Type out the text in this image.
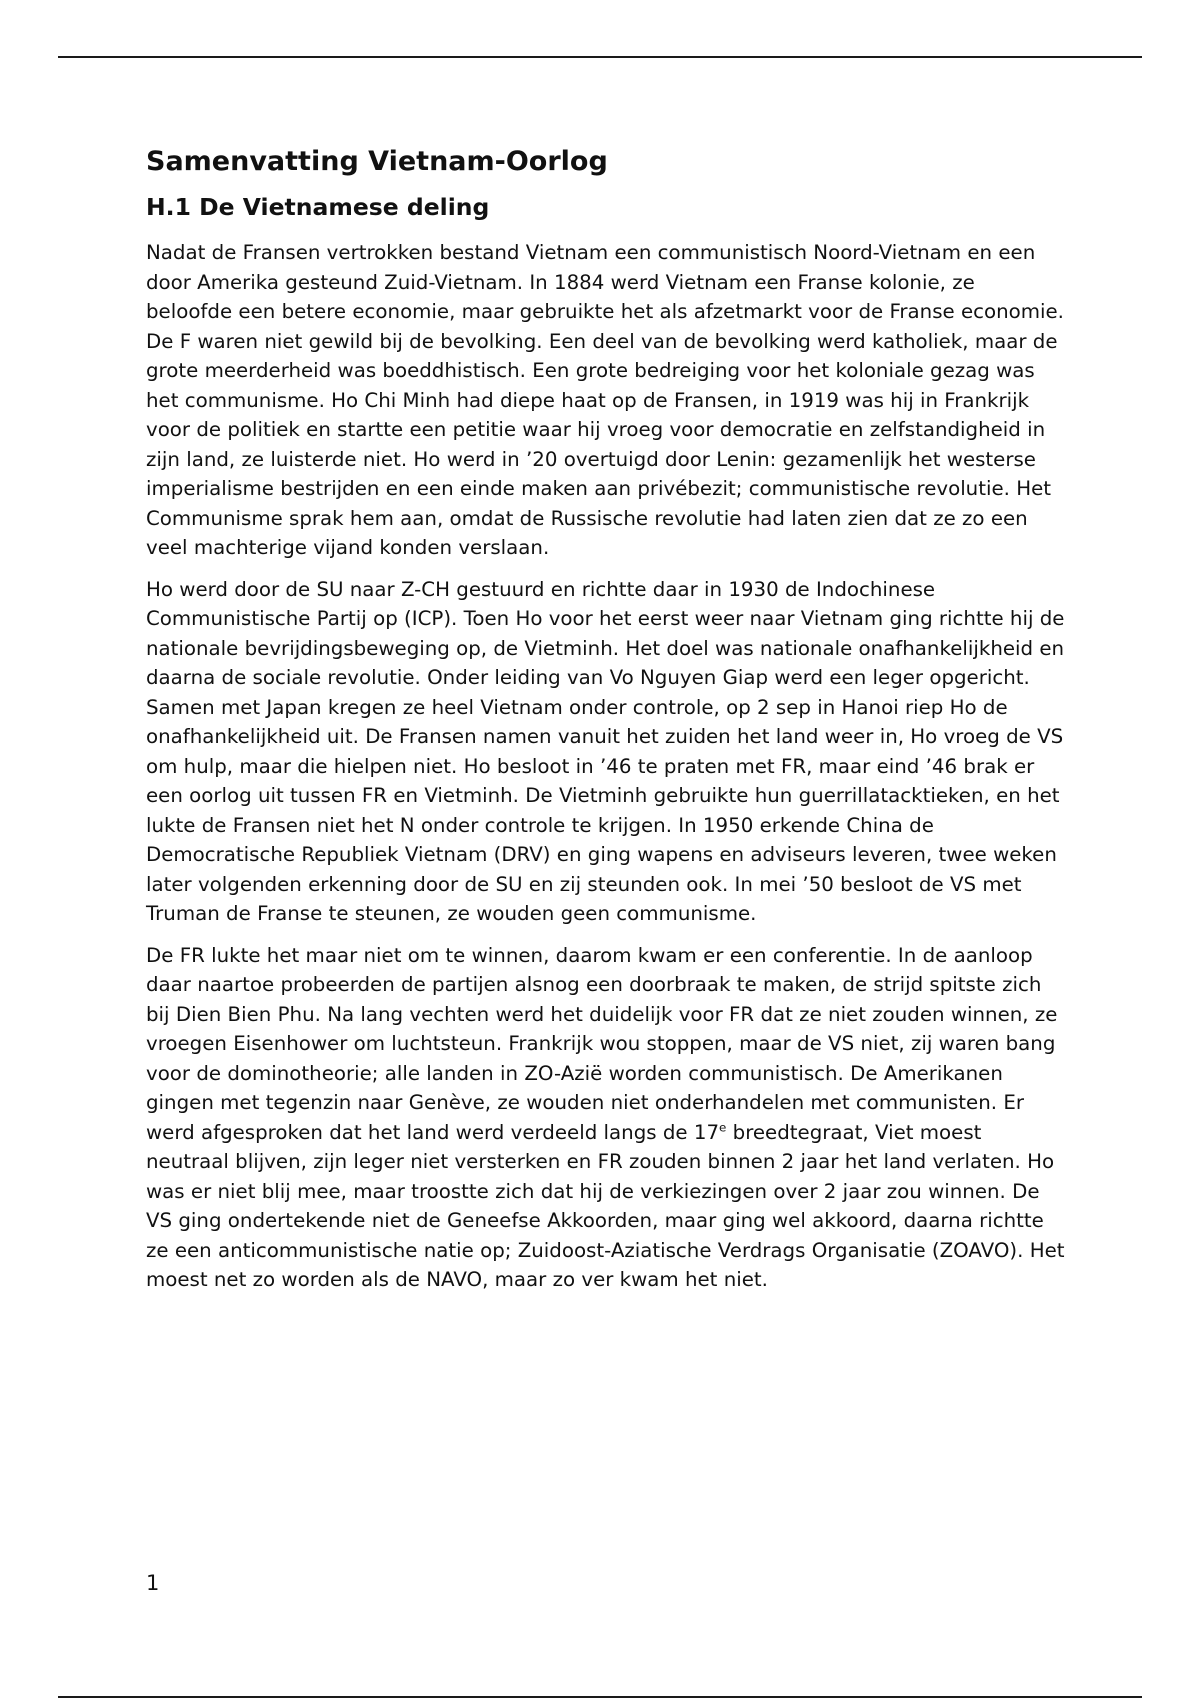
Samenvatting Vietnam-Oorlog
H.1 De Vietnamese deling

Nadat de Fransen vertrokken bestand Vietnam een communistisch Noord-Vietnam en een door Amerika gesteund Zuid-Vietnam. In 1884 werd Vietnam een Franse kolonie, ze beloofde een betere economie, maar gebruikte het als afzetmarkt voor de Franse economie. De F waren niet gewild bij de bevolking. Een deel van de bevolking werd katholiek, maar de grote meerderheid was boeddhistisch. Een grote bedreiging voor het koloniale gezag was het communisme. Ho Chi Minh had diepe haat op de Fransen, in 1919 was hij in Frankrijk voor de politiek en startte een petitie waar hij vroeg voor democratie en zelfstandigheid in zijn land, ze luisterde niet. Ho werd in ’20 overtuigd door Lenin: gezamenlijk het westerse imperialisme bestrijden en een einde maken aan privébezit; communistische revolutie. Het Communisme sprak hem aan, omdat de Russische revolutie had laten zien dat ze zo een veel machterige vijand konden verslaan.

Ho werd door de SU naar Z-CH gestuurd en richtte daar in 1930 de Indochinese Communistische Partij op (ICP). Toen Ho voor het eerst weer naar Vietnam ging richtte hij de nationale bevrijdingsbeweging op, de Vietminh. Het doel was nationale onafhankelijkheid en daarna de sociale revolutie. Onder leiding van Vo Nguyen Giap werd een leger opgericht. Samen met Japan kregen ze heel Vietnam onder controle, op 2 sep in Hanoi riep Ho de onafhankelijkheid uit. De Fransen namen vanuit het zuiden het land weer in, Ho vroeg de VS om hulp, maar die hielpen niet. Ho besloot in ’46 te praten met FR, maar eind ’46 brak er een oorlog uit tussen FR en Vietminh. De Vietminh gebruikte hun guerrillatacktieken, en het lukte de Fransen niet het N onder controle te krijgen. In 1950 erkende China de Democratische Republiek Vietnam (DRV) en ging wapens en adviseurs leveren, twee weken later volgenden erkenning door de SU en zij steunden ook. In mei ’50 besloot de VS met Truman de Franse te steunen, ze wouden geen communisme.

De FR lukte het maar niet om te winnen, daarom kwam er een conferentie. In de aanloop daar naartoe probeerden de partijen alsnog een doorbraak te maken, de strijd spitste zich bij Dien Bien Phu. Na lang vechten werd het duidelijk voor FR dat ze niet zouden winnen, ze vroegen Eisenhower om luchtsteun. Frankrijk wou stoppen, maar de VS niet, zij waren bang voor de dominotheorie; alle landen in ZO-Azië worden communistisch. De Amerikanen gingen met tegenzin naar Genève, ze wouden niet onderhandelen met communisten. Er werd afgesproken dat het land werd verdeeld langs de 17e breedtegraat, Viet moest neutraal blijven, zijn leger niet versterken en FR zouden binnen 2 jaar het land verlaten. Ho was er niet blij mee, maar troostte zich dat hij de verkiezingen over 2 jaar zou winnen. De VS ging ondertekende niet de Geneefse Akkoorden, maar ging wel akkoord, daarna richtte ze een anticommunistische natie op; Zuidoost-Aziatische Verdrags Organisatie (ZOAVO). Het moest net zo worden als de NAVO, maar zo ver kwam het niet.

1
